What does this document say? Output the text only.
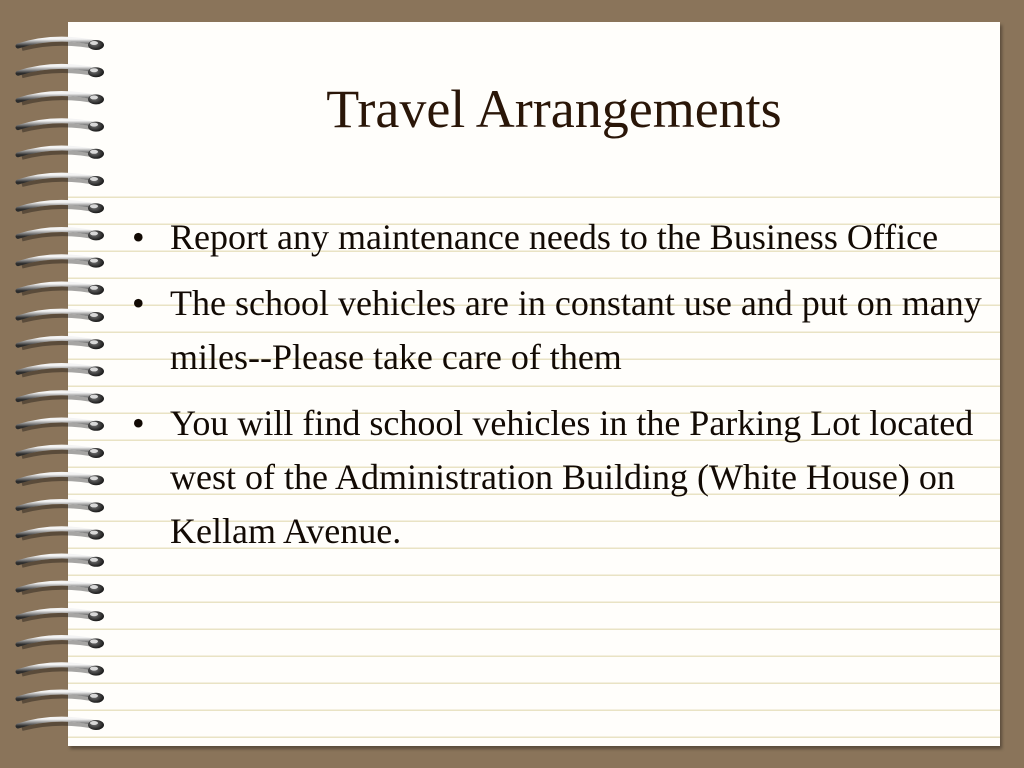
Travel Arrangements
• Report any maintenance needs to the Business Office
• The school vehicles are in constant use and put on many miles--Please take care of them
• You will find school vehicles in the Parking Lot located west of the Administration Building (White House) on Kellam Avenue.
